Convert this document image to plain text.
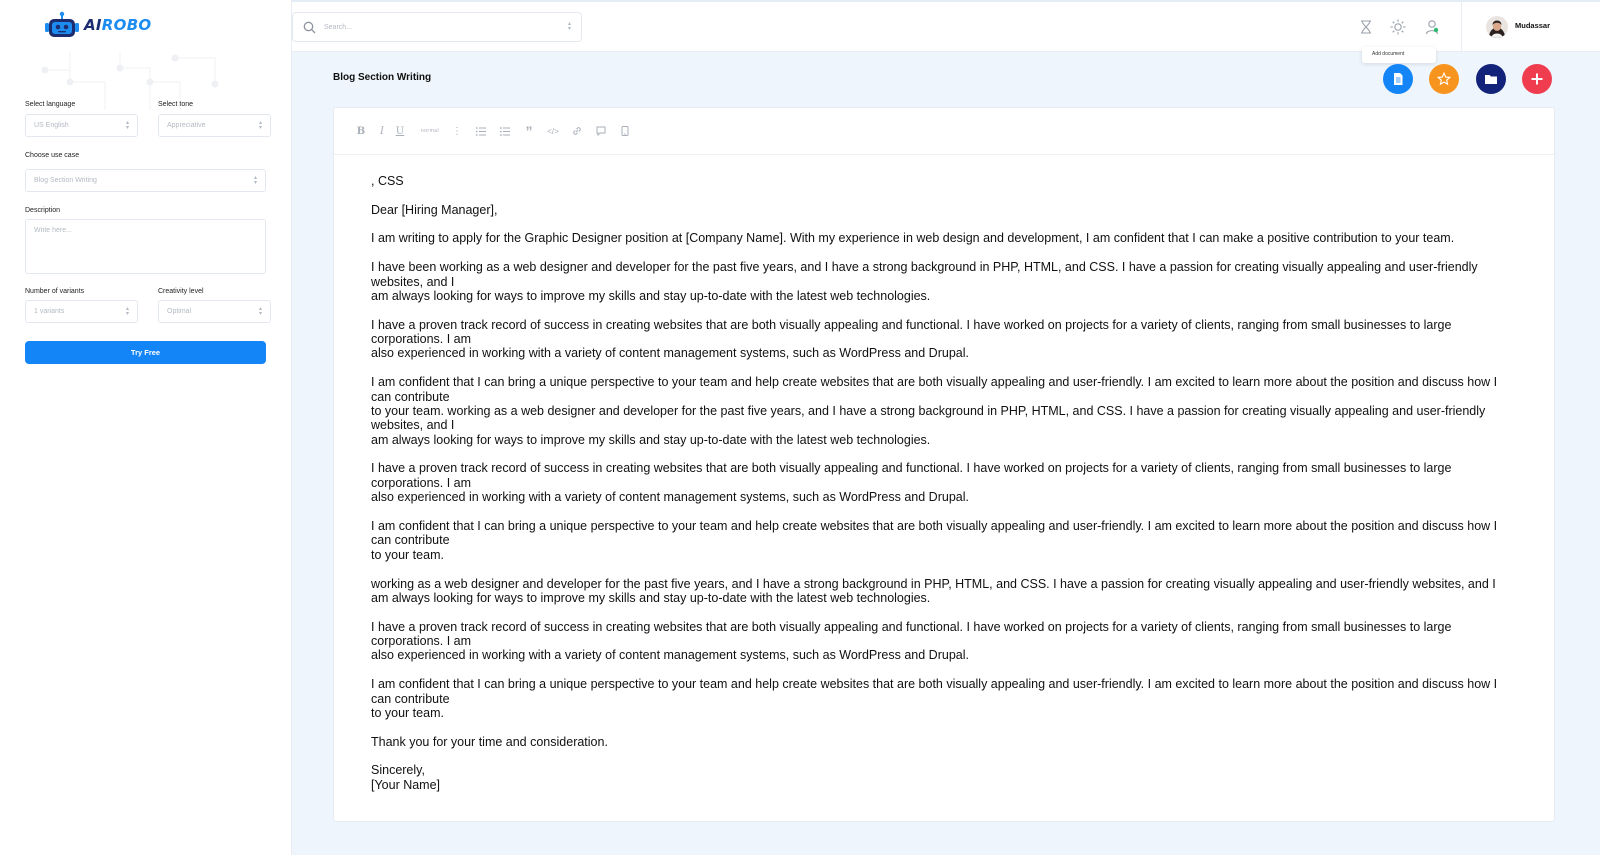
AIROBO
Select language
US English	▴
▾
Select tone
Appreciative	▴
▾
Choose use case
Blog Section Writing	▴
▾
Description
Write here...
Number of variants
1 variants	▴
▾
Creativity level
Optimal	▴
▾
Try Free
Search...	▴
▾	Mudassar
Add document
Blog Section Writing
B	I	U	normal	⋮	”	</>

, CSS

Dear [Hiring Manager],

I am writing to apply for the Graphic Designer position at [Company Name]. With my experience in web design and development, I am confident that I can make a positive contribution to your team.

I have been working as a web designer and developer for the past five years, and I have a strong background in PHP, HTML, and CSS. I have a passion for creating visually appealing and user-friendly websites, and I
am always looking for ways to improve my skills and stay up-to-date with the latest web technologies.

I have a proven track record of success in creating websites that are both visually appealing and functional. I have worked on projects for a variety of clients, ranging from small businesses to large corporations. I am
also experienced in working with a variety of content management systems, such as WordPress and Drupal.

I am confident that I can bring a unique perspective to your team and help create websites that are both visually appealing and user-friendly. I am excited to learn more about the position and discuss how I can contribute
to your team. working as a web designer and developer for the past five years, and I have a strong background in PHP, HTML, and CSS. I have a passion for creating visually appealing and user-friendly websites, and I
am always looking for ways to improve my skills and stay up-to-date with the latest web technologies.

I have a proven track record of success in creating websites that are both visually appealing and functional. I have worked on projects for a variety of clients, ranging from small businesses to large corporations. I am
also experienced in working with a variety of content management systems, such as WordPress and Drupal.

I am confident that I can bring a unique perspective to your team and help create websites that are both visually appealing and user-friendly. I am excited to learn more about the position and discuss how I can contribute
to your team.

working as a web designer and developer for the past five years, and I have a strong background in PHP, HTML, and CSS. I have a passion for creating visually appealing and user-friendly websites, and I
am always looking for ways to improve my skills and stay up-to-date with the latest web technologies.

I have a proven track record of success in creating websites that are both visually appealing and functional. I have worked on projects for a variety of clients, ranging from small businesses to large corporations. I am
also experienced in working with a variety of content management systems, such as WordPress and Drupal.

I am confident that I can bring a unique perspective to your team and help create websites that are both visually appealing and user-friendly. I am excited to learn more about the position and discuss how I can contribute
to your team.

Thank you for your time and consideration.

Sincerely,
[Your Name]
